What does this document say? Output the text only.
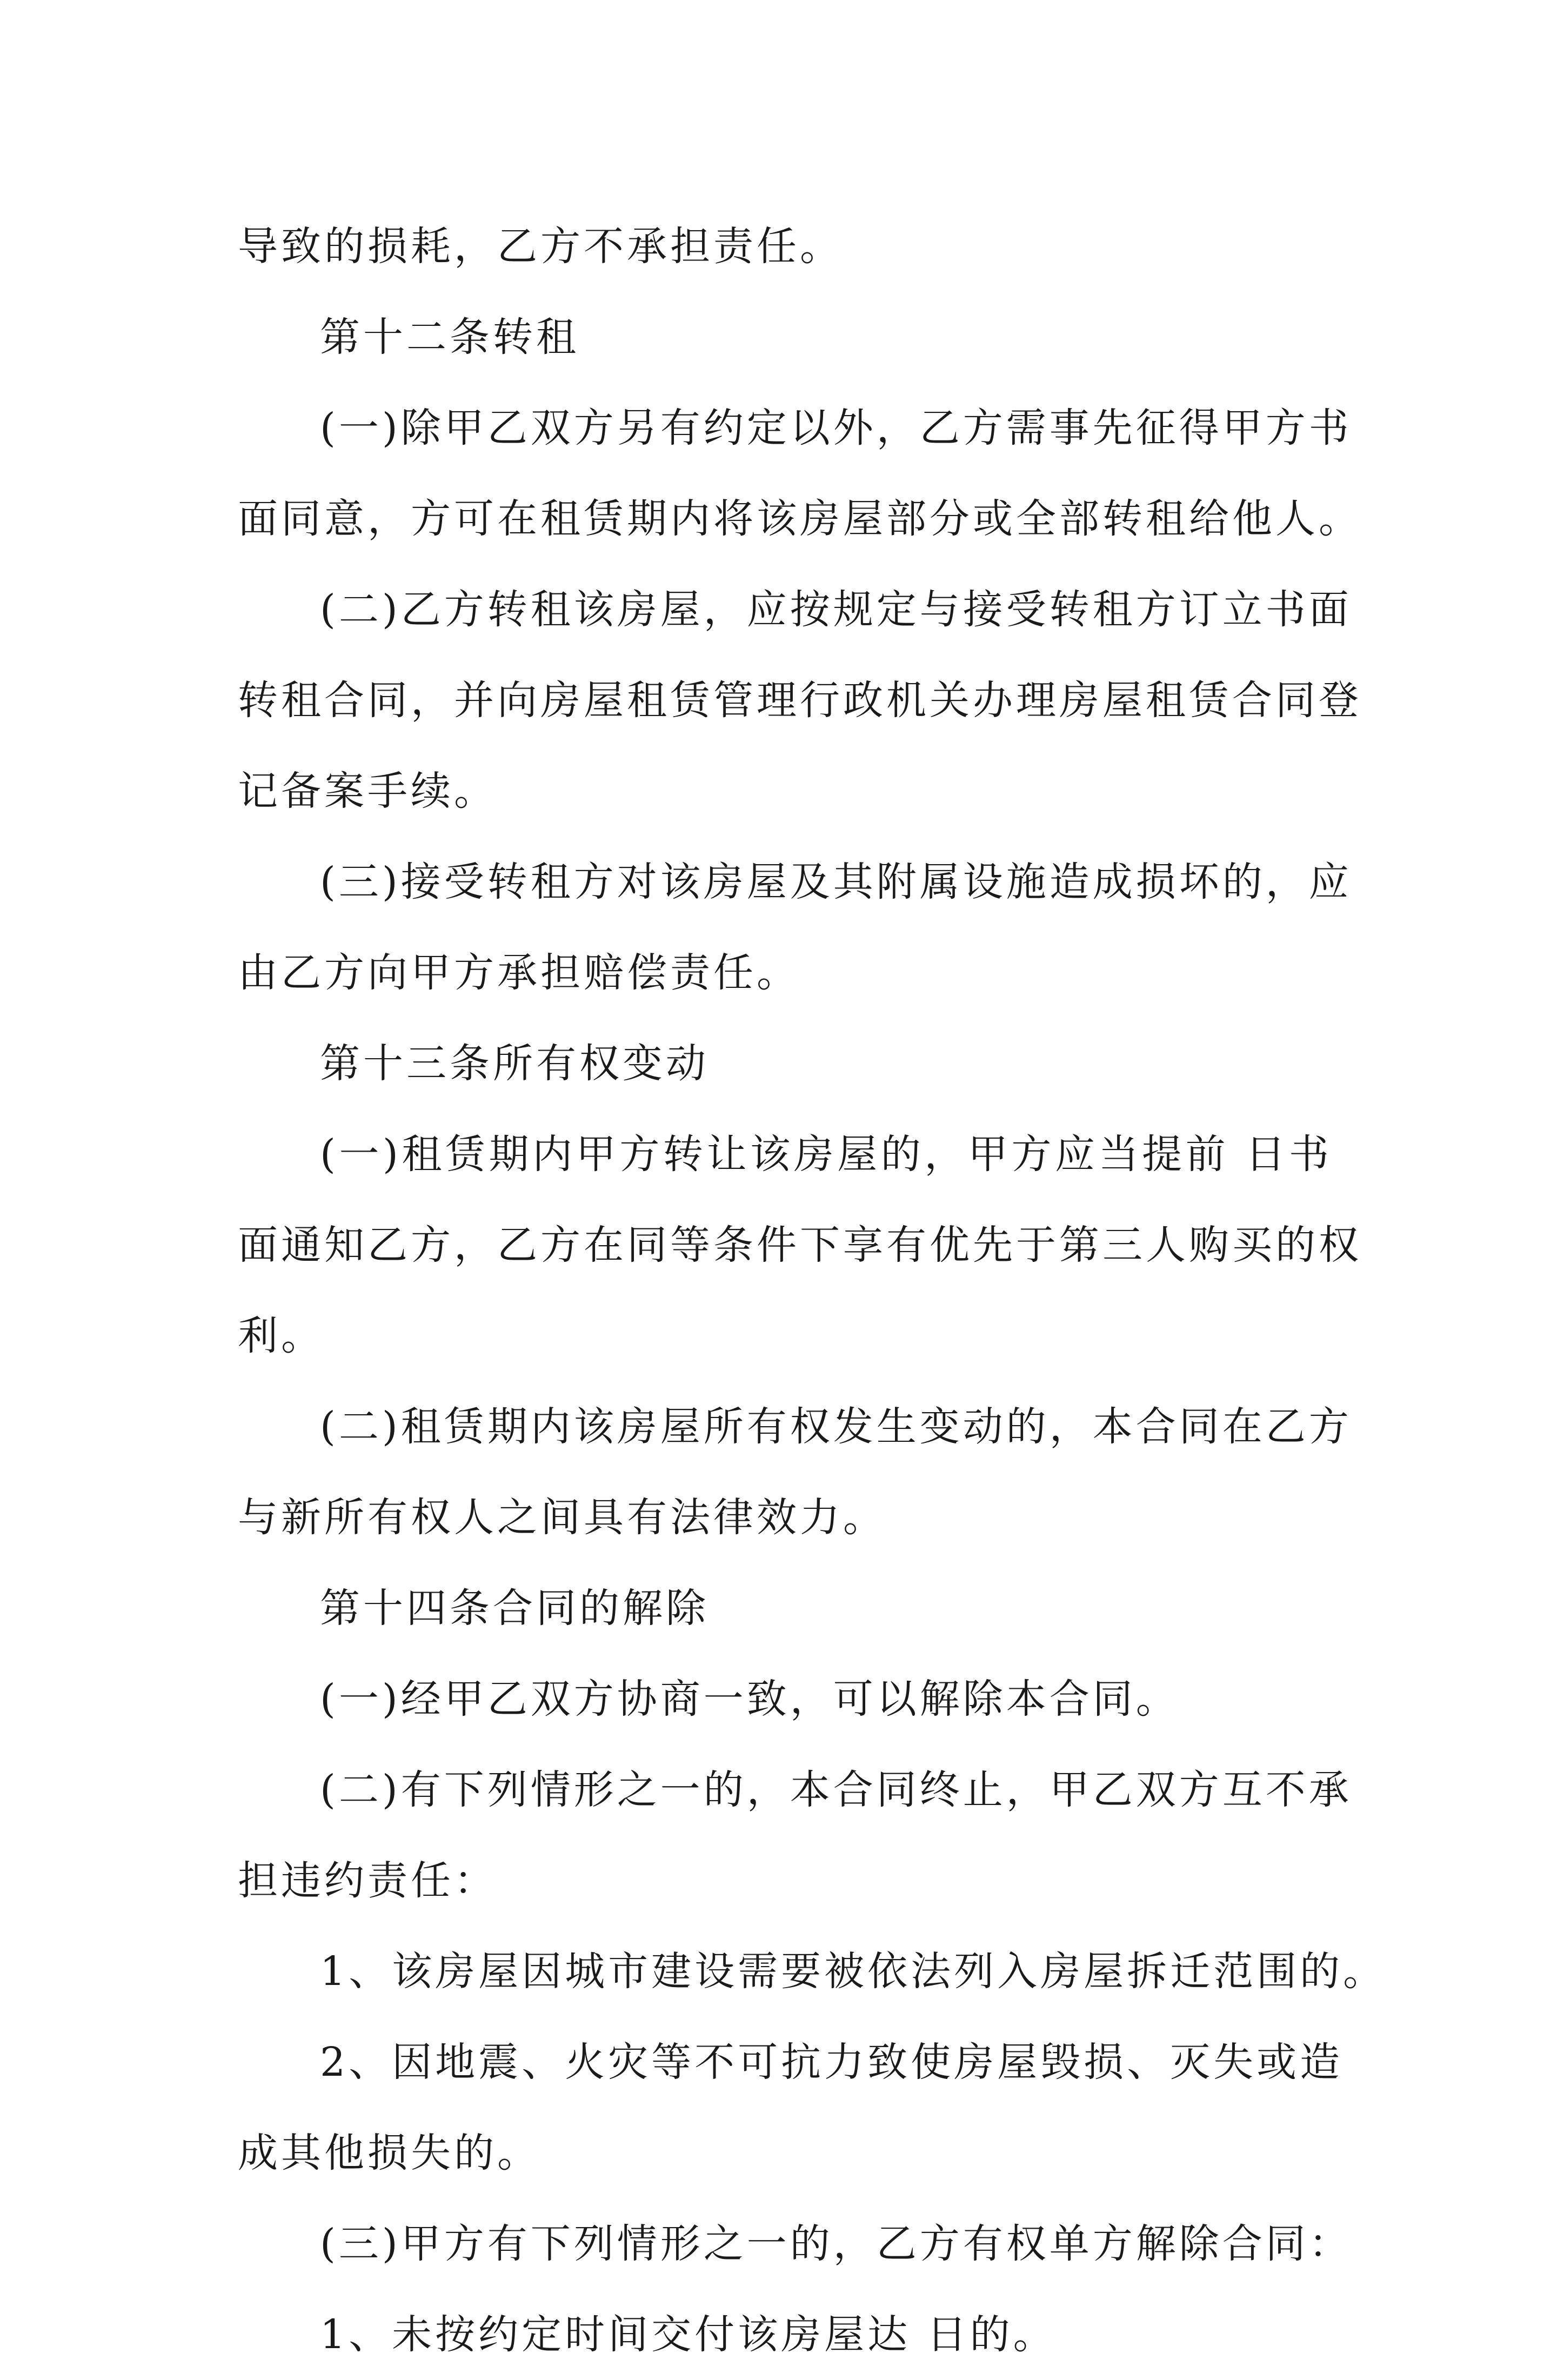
导致的损耗，乙方不承担责任。
第十二条转租
(一)除甲乙双方另有约定以外，乙方需事先征得甲方书
面同意，方可在租赁期内将该房屋部分或全部转租给他人。
(二)乙方转租该房屋，应按规定与接受转租方订立书面
转租合同，并向房屋租赁管理行政机关办理房屋租赁合同登
记备案手续。
(三)接受转租方对该房屋及其附属设施造成损坏的，应
由乙方向甲方承担赔偿责任。
第十三条所有权变动
(一)租赁期内甲方转让该房屋的，甲方应当提前 日书
面通知乙方，乙方在同等条件下享有优先于第三人购买的权
利。
(二)租赁期内该房屋所有权发生变动的，本合同在乙方
与新所有权人之间具有法律效力。
第十四条合同的解除
(一)经甲乙双方协商一致，可以解除本合同。
(二)有下列情形之一的，本合同终止，甲乙双方互不承
担违约责任：
1、该房屋因城市建设需要被依法列入房屋拆迁范围的。
2、因地震、火灾等不可抗力致使房屋毁损、灭失或造
成其他损失的。
(三)甲方有下列情形之一的，乙方有权单方解除合同：
1、未按约定时间交付该房屋达 日的。
